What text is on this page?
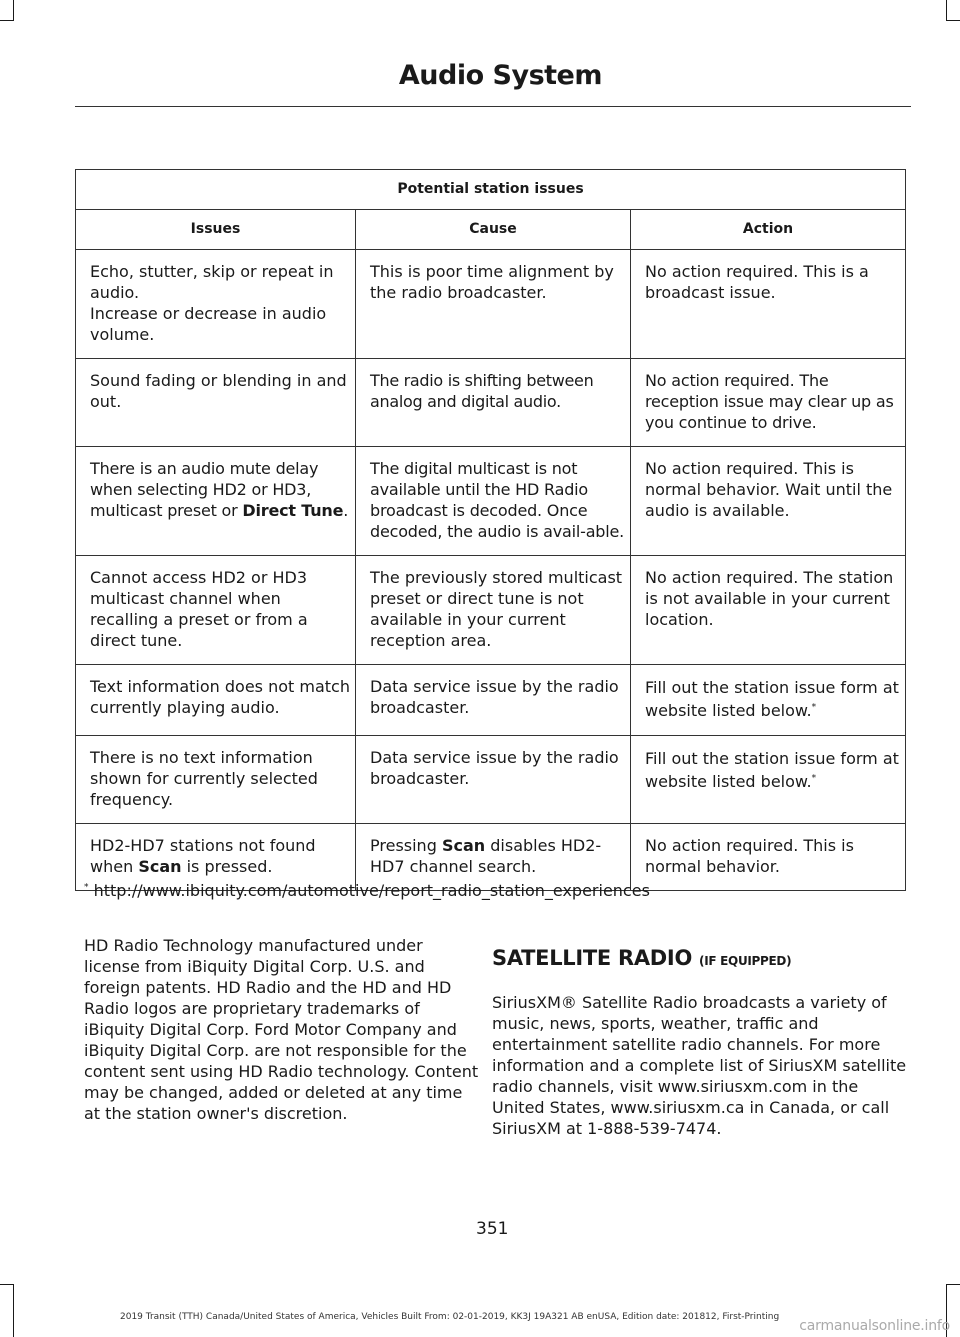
Audio System
Potential station issues		
Issues	Cause	Action

Echo, stutter, skip or repeat in audio.
Increase or decrease in audio volume.	This is poor time alignment by the radio broadcaster.	No action required. This is a broadcast issue.
Sound fading or blending in and out.	The radio is shifting between analog and digital audio.	No action required. The reception issue may clear up as you continue to drive.
There is an audio mute delay when selecting HD2 or HD3, multicast preset or Direct Tune.	The digital multicast is not available until the HD Radio broadcast is decoded. Once decoded, the audio is avail-able.	No action required. This is normal behavior. Wait until the audio is available.
Cannot access HD2 or HD3 multicast channel when recalling a preset or from a direct tune.	The previously stored multicast preset or direct tune is not available in your current reception area.	No action required. The station is not available in your current location.
Text information does not match currently playing audio.	Data service issue by the radio broadcaster.	Fill out the station issue form at website listed below.*
There is no text information shown for currently selected frequency.	Data service issue by the radio broadcaster.	Fill out the station issue form at website listed below.*
HD2-HD7 stations not found when Scan is pressed.	Pressing Scan disables HD2-HD7 channel search.	No action required. This is normal behavior.
* http://www.ibiquity.com/automotive/report_radio_station_experiences
HD Radio Technology manufactured under license from iBiquity Digital Corp. U.S. and foreign patents. HD Radio and the HD and HD Radio logos are proprietary trademarks of iBiquity Digital Corp. Ford Motor Company and iBiquity Digital Corp. are not responsible for the content sent using HD Radio technology. Content may be changed, added or deleted at any time at the station owner's discretion.
SATELLITE RADIO (IF EQUIPPED)
SiriusXM® Satellite Radio broadcasts a variety of music, news, sports, weather, traffic and entertainment satellite radio channels. For more information and a complete list of SiriusXM satellite radio channels, visit www.siriusxm.com in the United States, www.siriusxm.ca in Canada, or call SiriusXM at 1-888-539-7474.
351
2019 Transit (TTH) Canada/United States of America, Vehicles Built From: 02-01-2019, KK3J 19A321 AB enUSA, Edition date: 201812, First-Printing
carmanualsonline.info
